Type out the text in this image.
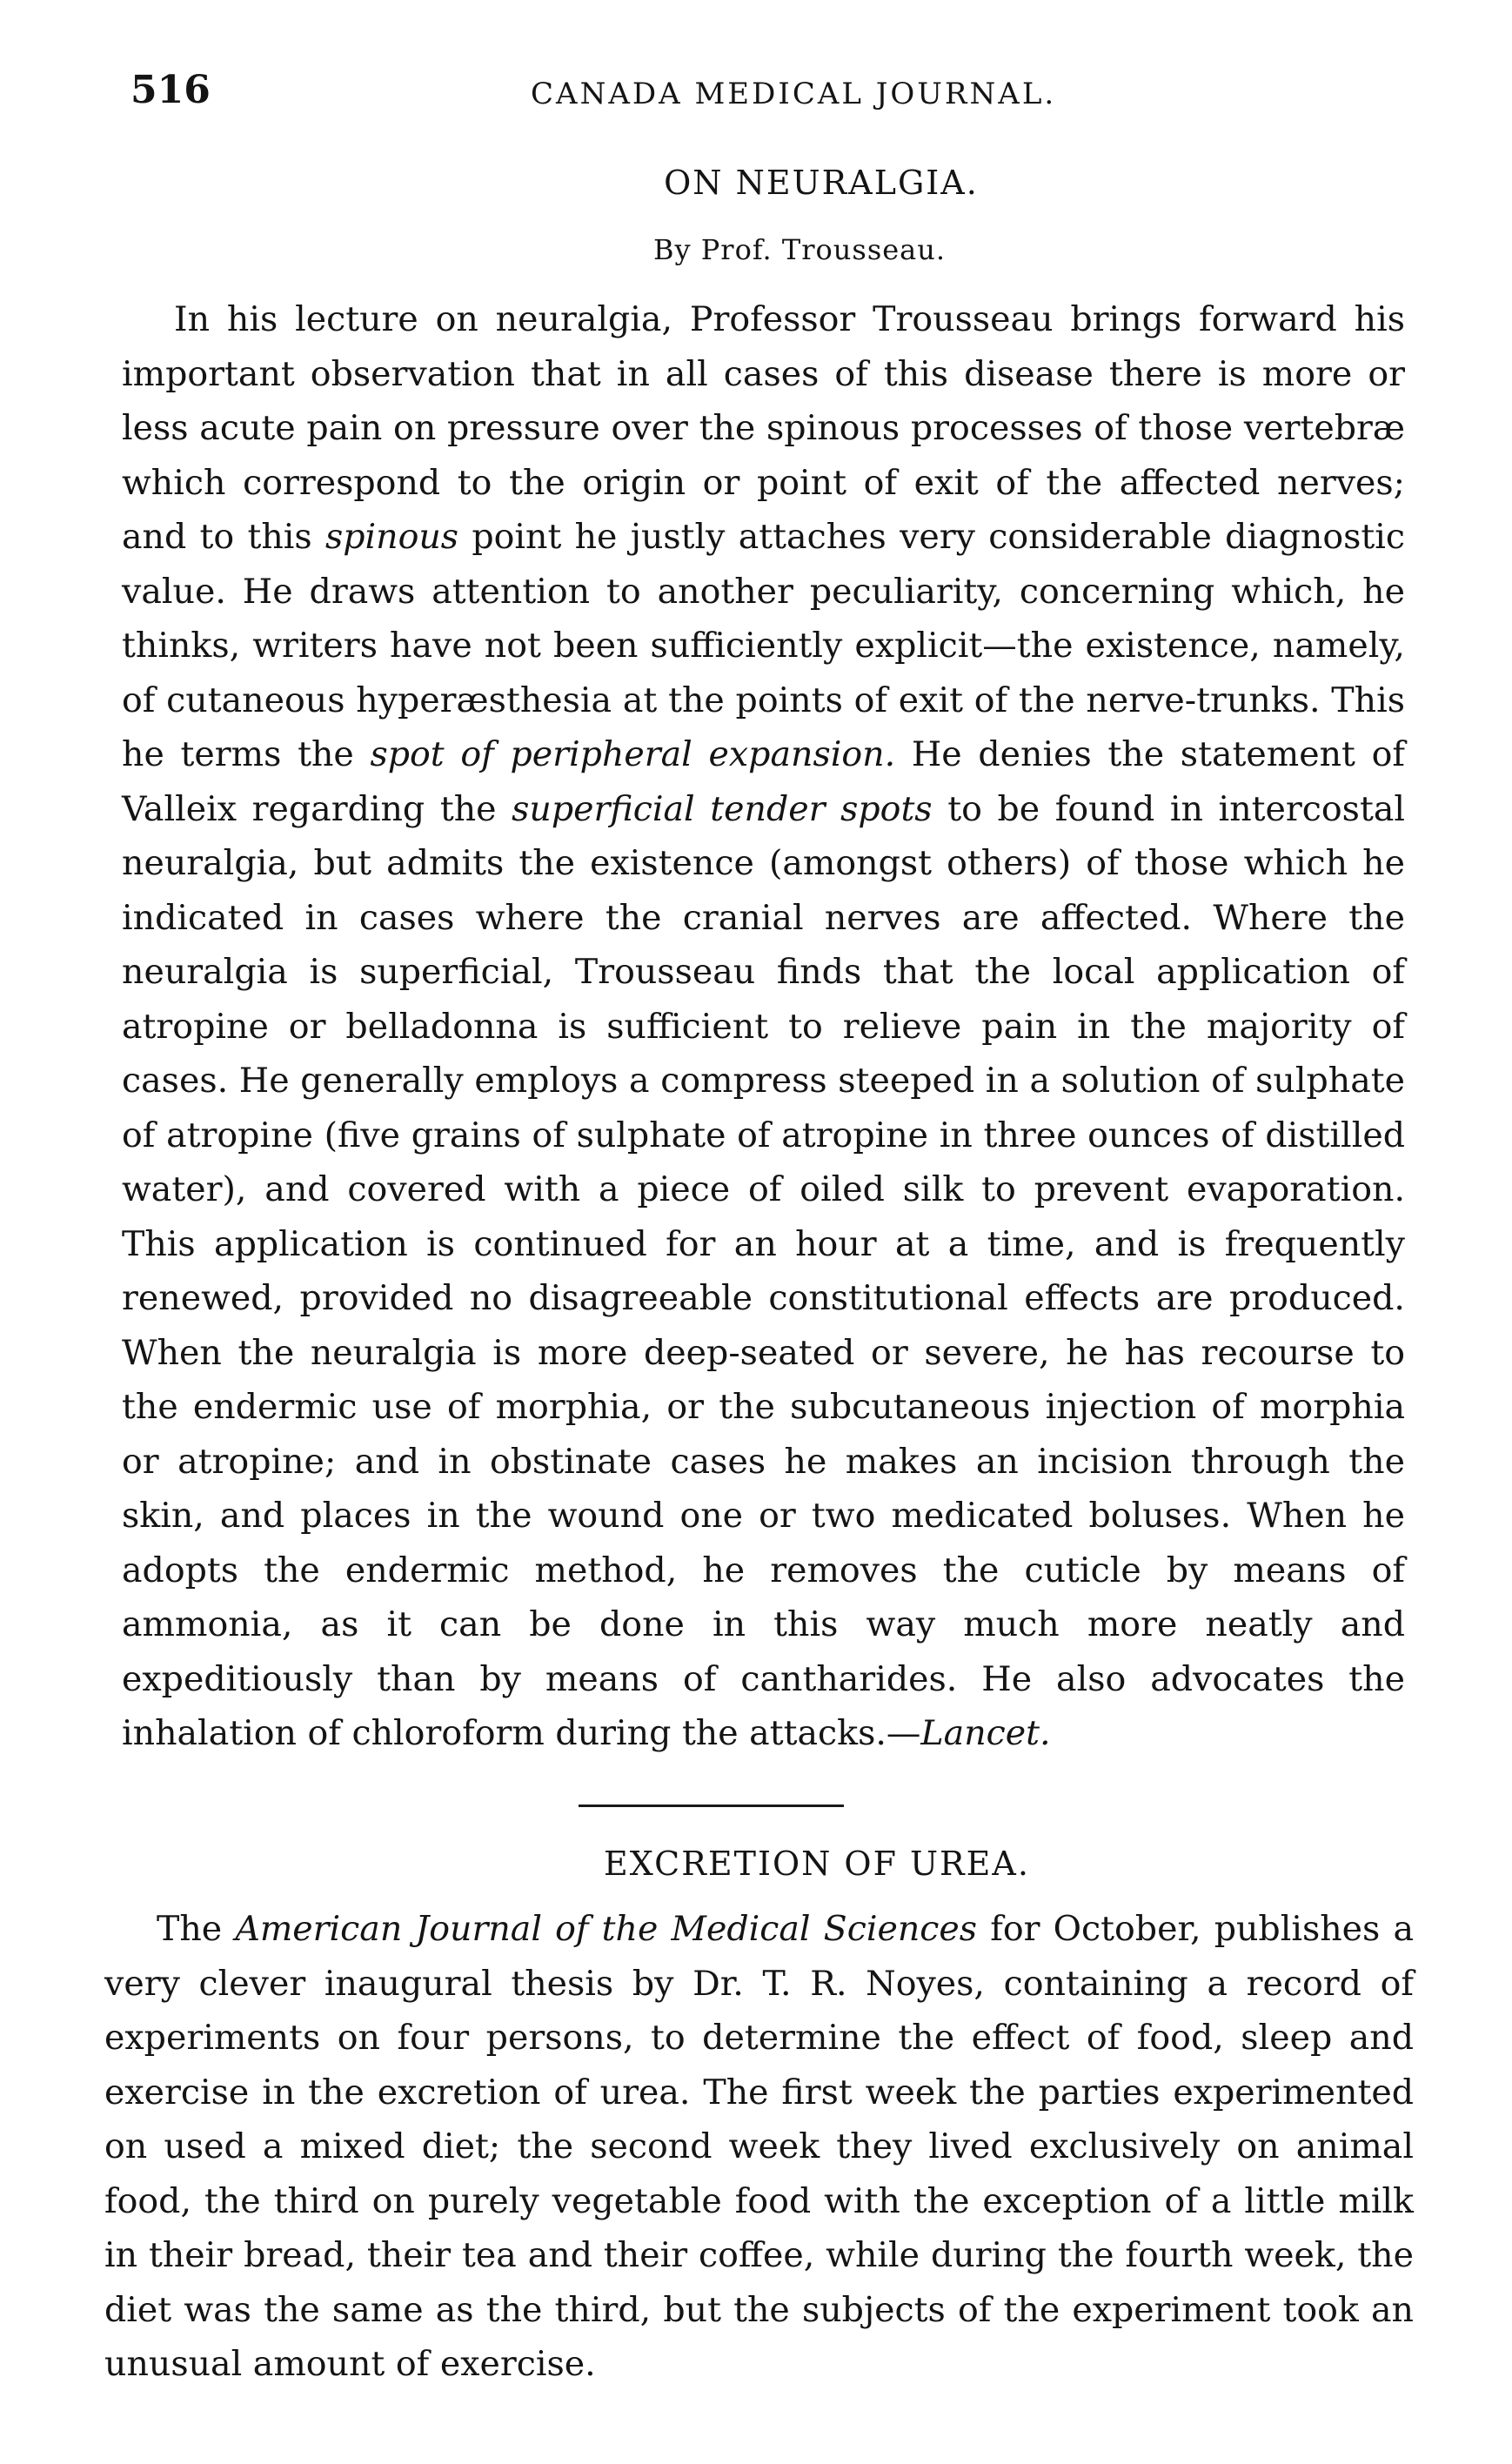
516	CANADA MEDICAL JOURNAL.
ON NEURALGIA.
By Prof. Trousseau.

In his lecture on neuralgia, Professor Trousseau brings forward his important observation that in all cases of this disease there is more or less acute pain on pressure over the spinous processes of those vertebræ which correspond to the origin or point of exit of the affected nerves; and to this spinous point he justly attaches very considerable diagnostic value. He draws attention to another peculiarity, concerning which, he thinks, writers have not been sufficiently explicit—the existence, namely, of cutaneous hyperæsthesia at the points of exit of the nerve-trunks. This he terms the spot of peripheral expansion. He denies the statement of Valleix regarding the superficial tender spots to be found in intercostal neuralgia, but admits the existence (amongst others) of those which he indicated in cases where the cranial nerves are affected. Where the neuralgia is superficial, Trousseau finds that the local application of atropine or belladonna is sufficient to relieve pain in the majority of cases. He generally employs a compress steeped in a solution of sulphate of atropine (five grains of sulphate of atropine in three ounces of distilled water), and covered with a piece of oiled silk to prevent evaporation. This application is continued for an hour at a time, and is frequently renewed, provided no disagreeable constitutional effects are produced. When the neuralgia is more deep-seated or severe, he has recourse to the endermic use of morphia, or the subcutaneous injection of morphia or atropine; and in obstinate cases he makes an incision through the skin, and places in the wound one or two medicated boluses. When he adopts the endermic method, he removes the cuticle by means of ammonia, as it can be done in this way much more neatly and expeditiously than by means of cantharides. He also advocates the inhalation of chloroform during the attacks.—Lancet.

EXCRETION OF UREA.

The American Journal of the Medical Sciences for October, publishes a very clever inaugural thesis by Dr. T. R. Noyes, containing a record of experiments on four persons, to determine the effect of food, sleep and exercise in the excretion of urea. The first week the parties experimented on used a mixed diet; the second week they lived exclusively on animal food, the third on purely vegetable food with the exception of a little milk in their bread, their tea and their coffee, while during the fourth week, the diet was the same as the third, but the subjects of the experiment took an unusual amount of exercise.
